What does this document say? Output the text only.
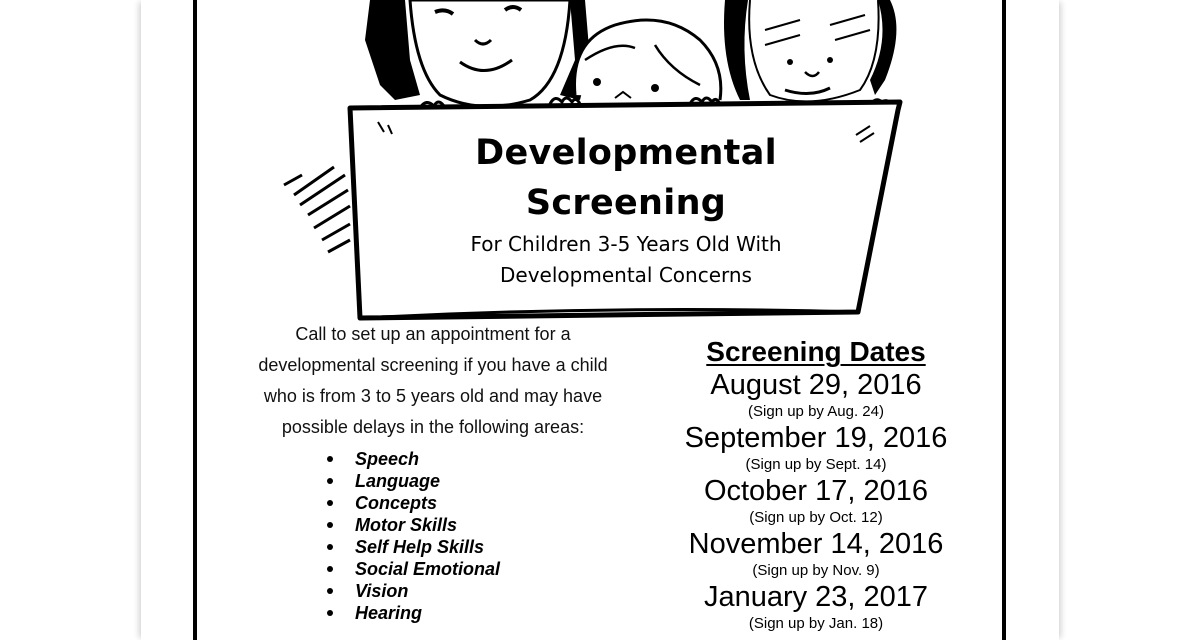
Developmental
Screening
For Children 3-5 Years Old With
Developmental Concerns
Call to set up an appointment for a
developmental screening if you have a child
who is from 3 to 5 years old and may have
possible delays in the following areas:
Speech
Language
Concepts
Motor Skills
Self Help Skills
Social Emotional
Vision
Hearing
Screening Dates
August 29, 2016
(Sign up by Aug. 24)
September 19, 2016
(Sign up by Sept. 14)
October 17, 2016
(Sign up by Oct. 12)
November 14, 2016
(Sign up by Nov. 9)
January 23, 2017
(Sign up by Jan. 18)
